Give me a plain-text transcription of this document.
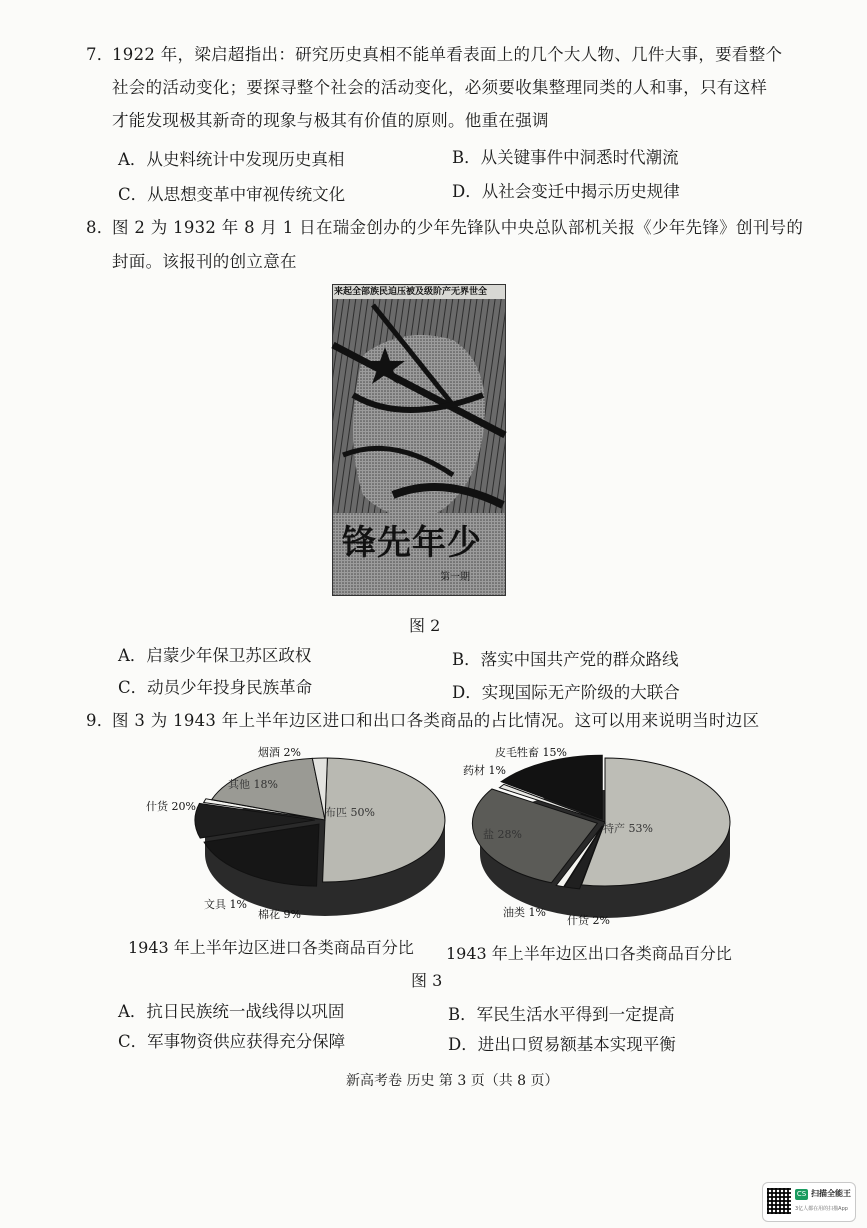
7．
1922 年，梁启超指出：研究历史真相不能单看表面上的几个大人物、几件大事，要看整个
社会的活动变化；要探寻整个社会的活动变化，必须要收集整理同类的人和事，只有这样
才能发现极其新奇的现象与极其有价值的原则。他重在强调
A．从史料统计中发现历史真相	B．从关键事件中洞悉时代潮流
C．从思想变革中审视传统文化	D．从社会变迁中揭示历史规律
8．
图 2 为 1932 年 8 月 1 日在瑞金创办的少年先锋队中央总队部机关报《少年先锋》创刊号的
封面。该报刊的创立意在
来起全部族民迫压被及级阶产无界世全
锋先年少
第一期
图 2
A．启蒙少年保卫苏区政权	B．落实中国共产党的群众路线
C．动员少年投身民族革命	D．实现国际无产阶级的大联合
9．
图 3 为 1943 年上半年边区进口和出口各类商品的占比情况。这可以用来说明当时边区
布匹 50%
什货 20%
棉花 9%
文具 1%
其他 18%
烟酒 2%
特产 53%
什货 2%
油类 1%
盐 28%
药材 1%
皮毛牲畜 15%
1943 年上半年边区进口各类商品百分比 1943 年上半年边区出口各类商品百分比
图 3
A．抗日民族统一战线得以巩固	B．军民生活水平得到一定提高
C．军事物资供应获得充分保障	D．进出口贸易额基本实现平衡
新高考卷 历史 第 3 页（共 8 页）
CS 扫描全能王
3亿人都在用的扫描App
